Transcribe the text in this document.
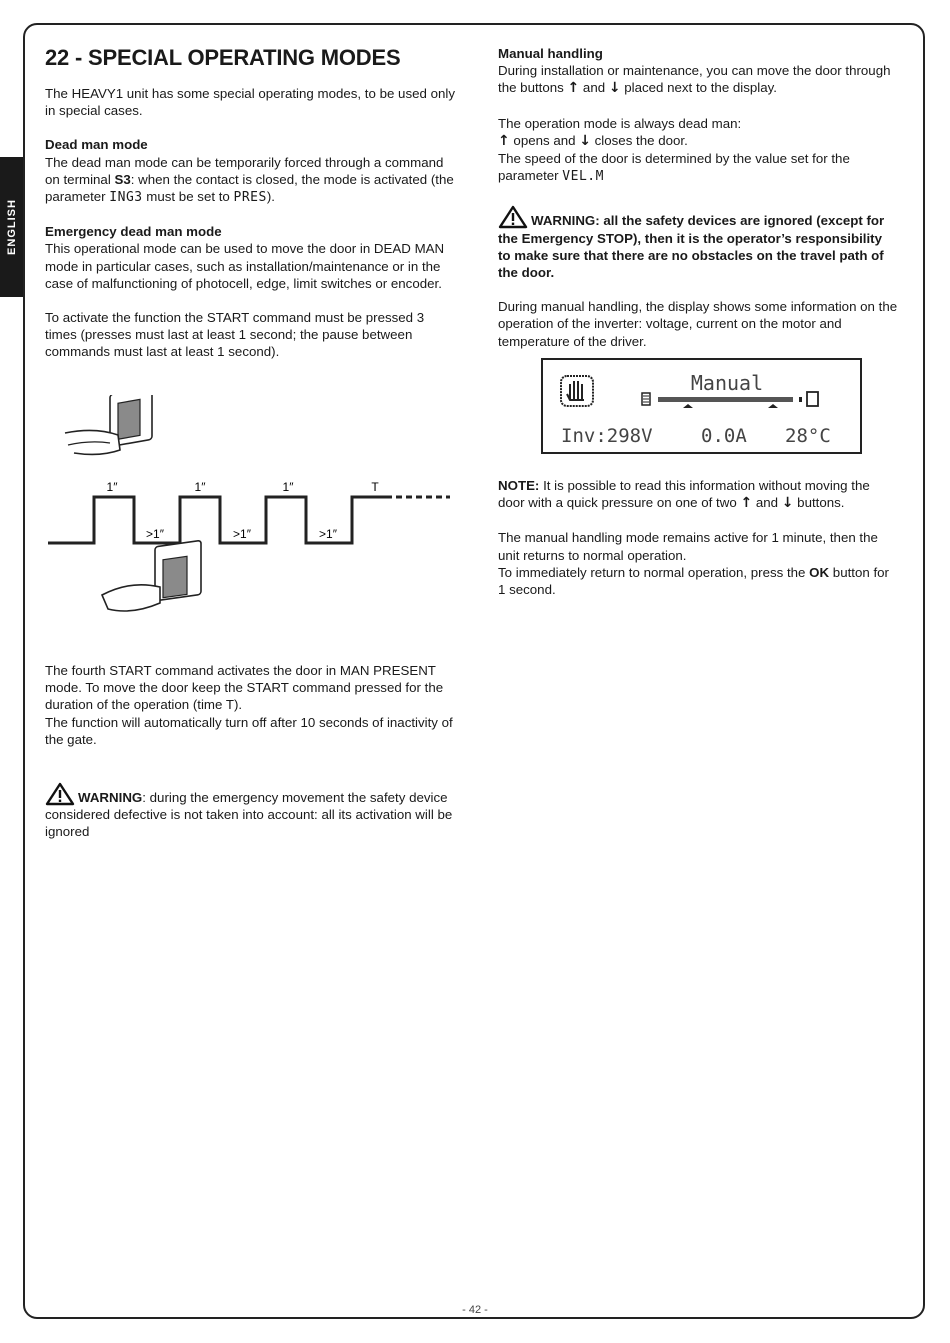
ENGLISH
22 - SPECIAL OPERATING MODES

The HEAVY1 unit has some special operating modes, to be used only in special cases.

Dead man mode

The dead man mode can be temporarily forced through a command on terminal S3: when the contact is closed, the mode is activated (the parameter ING3 must be set to PRES).

Emergency dead man mode

This operational mode can be used to move the door in DEAD MAN mode in particular cases, such as installation/maintenance or in the case of malfunctioning of photocell, edge, limit switches or encoder.

To activate the function the START command must be pressed 3 times (presses must last at least 1 second; the pause between commands must last at least 1 second).

1″	1″	1″	T
>1″	>1″	>1″

The fourth START command activates the door in MAN PRESENT mode. To move the door keep the START command pressed for the duration of the operation (time T).

The function will automatically turn off after 10 seconds of inactivity of the gate.

WARNING: during the emergency movement the safety device considered defective is not taken into account: all its activation will be ignored

Manual handling

During installation or maintenance, you can move the door through the buttons ↑ and ↓ placed next to the display.

The operation mode is always dead man:

↑ opens and ↓ closes the door.

The speed of the door is determined by the value set for the parameter VEL.M

WARNING: all the safety devices are ignored (except for the Emergency STOP), then it is the operator’s responsibility to make sure that there are no obstacles on the travel path of the door.

During manual handling, the display shows some information on the operation of the inverter: voltage, current on the motor and temperature of the driver.

Manual
Inv:298V	0.0A 28°C

NOTE: It is possible to read this information without moving the door with a quick pressure on one of two ↑ and ↓ buttons.

The manual handling mode remains active for 1 minute, then the unit returns to normal operation.

To immediately return to normal operation, press the OK button for 1 second.

- 42 -
